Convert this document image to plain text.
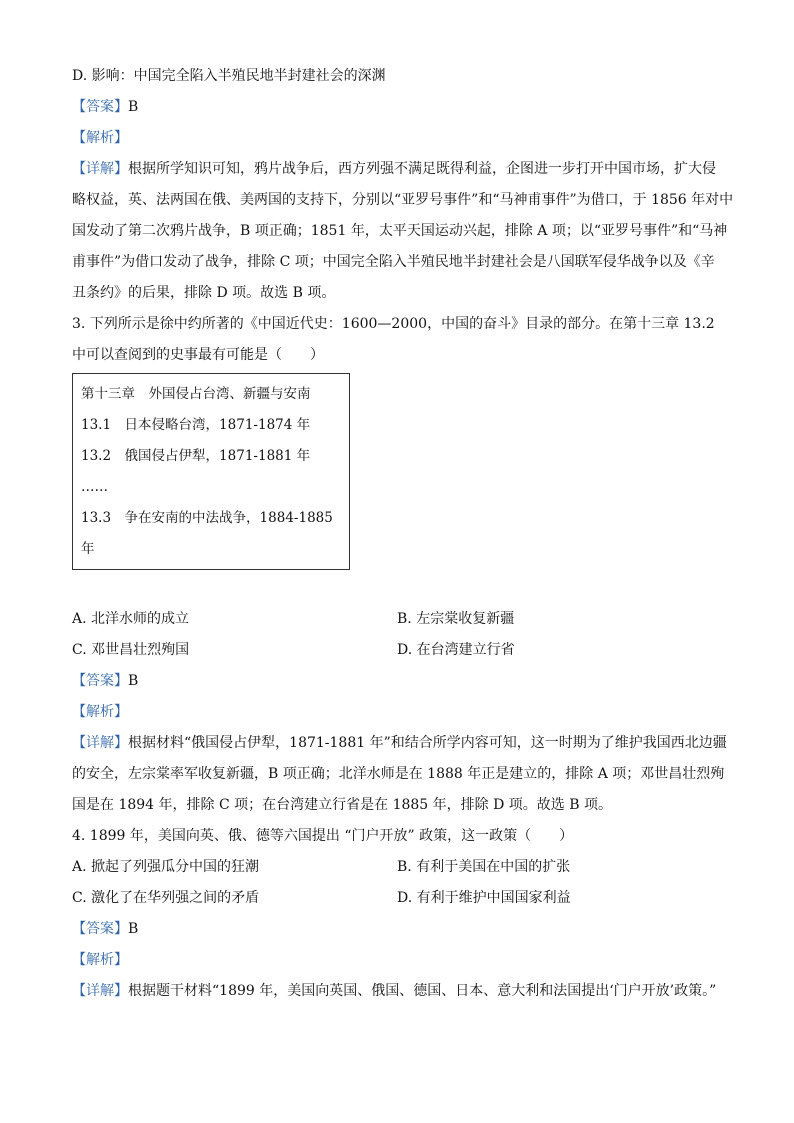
D. 影响：中国完全陷入半殖民地半封建社会的深渊
【答案】B
【解析】
【详解】根据所学知识可知，鸦片战争后，西方列强不满足既得利益，企图进一步打开中国市场，扩大侵
略权益，英、法两国在俄、美两国的支持下，分别以“亚罗号事件”和“马神甫事件”为借口，于 1856 年对中
国发动了第二次鸦片战争，B 项正确；1851 年，太平天国运动兴起，排除 A 项；以“亚罗号事件”和“马神
甫事件”为借口发动了战争，排除 C 项；中国完全陷入半殖民地半封建社会是八国联军侵华战争以及《辛
丑条约》的后果，排除 D 项。故选 B 项。
3. 下列所示是徐中约所著的《中国近代史：1600—2000，中国的奋斗》目录的部分。在第十三章 13.2
中可以查阅到的史事最有可能是（　　）
第十三章　外国侵占台湾、新疆与安南
13.1　日本侵略台湾，1871-1874 年
13.2　俄国侵占伊犁，1871-1881 年
……
13.3　争在安南的中法战争，1884-1885
年
A. 北洋水师的成立	B. 左宗棠收复新疆
C. 邓世昌壮烈殉国	D. 在台湾建立行省
【答案】B
【解析】
【详解】根据材料“俄国侵占伊犁，1871-1881 年”和结合所学内容可知，这一时期为了维护我国西北边疆
的安全，左宗棠率军收复新疆，B 项正确；北洋水师是在 1888 年正是建立的，排除 A 项；邓世昌壮烈殉
国是在 1894 年，排除 C 项；在台湾建立行省是在 1885 年，排除 D 项。故选 B 项。
4. 1899 年，美国向英、俄、德等六国提出 “门户开放” 政策，这一政策（　　）
A. 掀起了列强瓜分中国的狂潮	B. 有利于美国在中国的扩张
C. 激化了在华列强之间的矛盾	D. 有利于维护中国国家利益
【答案】B
【解析】
【详解】根据题干材料“1899 年，美国向英国、俄国、德国、日本、意大利和法国提出‘门户开放’政策。”
